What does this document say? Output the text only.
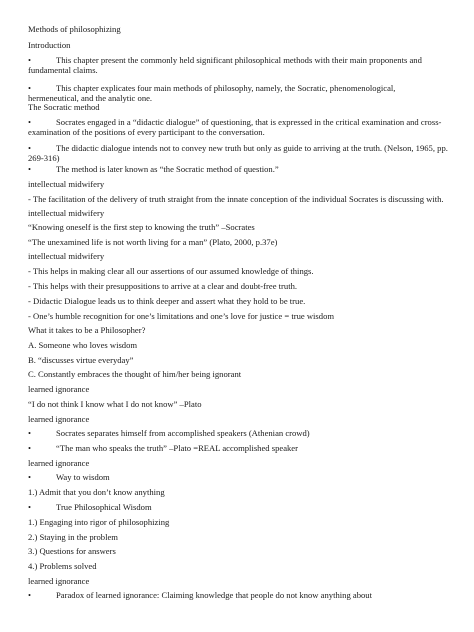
Methods of philosophizing
Introduction
•	This chapter present the commonly held significant philosophical methods with their main proponents and fundamental claims.
•	This chapter explicates four main methods of philosophy, namely, the Socratic, phenomenological, hermeneutical, and the analytic one.
The Socratic method
•	Socrates engaged in a “didactic dialogue” of questioning, that is expressed in the critical examination and cross-examination of the positions of every participant to the conversation.
•	The didactic dialogue intends not to convey new truth but only as guide to arriving at the truth. (Nelson, 1965, pp. 269-316)
•	The method is later known as “the Socratic method of question.”
intellectual midwifery
- The facilitation of the delivery of truth straight from the innate conception of the individual Socrates is discussing with.
intellectual midwifery
“Knowing oneself is the first step to knowing the truth” –Socrates
“The unexamined life is not worth living for a man” (Plato, 2000, p.37e)
intellectual midwifery
- This helps in making clear all our assertions of our assumed knowledge of things.
- This helps with their presuppositions to arrive at a clear and doubt-free truth.
- Didactic Dialogue leads us to think deeper and assert what they hold to be true.
- One’s humble recognition for one’s limitations and one’s love for justice = true wisdom
What it takes to be a Philosopher?
A. Someone who loves wisdom
B. “discusses virtue everyday”
C. Constantly embraces the thought of him/her being ignorant
learned ignorance
“I do not think I know what I do not know” –Plato
learned ignorance
•	Socrates separates himself from accomplished speakers (Athenian crowd)
•	“The man who speaks the truth” –Plato =REAL accomplished speaker
learned ignorance
•	Way to wisdom
1.) Admit that you don’t know anything
•	True Philosophical Wisdom
1.) Engaging into rigor of philosophizing
2.) Staying in the problem
3.) Questions for answers
4.) Problems solved
learned ignorance
•	Paradox of learned ignorance: Claiming knowledge that people do not know anything about
